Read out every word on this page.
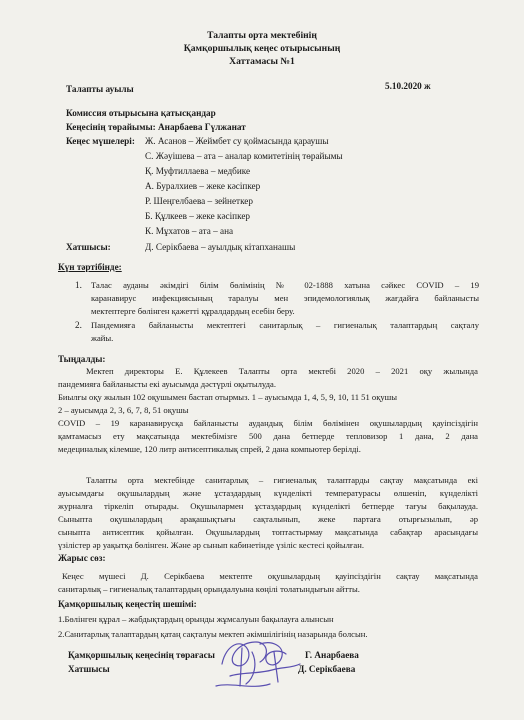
Талапты орта мектебінің
Қамқоршылық кеңес отырысының
Хаттамасы №1
Талапты ауылы	5.10.2020 ж
Комиссия отырысына қатысқандар
Кеңесінің төрайымы: Анарбаева Гүлжанат
Кеңес мүшелері: Ж. Асанов – Жеймбет су қоймасында қараушы
С. Жәуішева – ата – аналар комитетінің төрайымы
Қ. Муфтиллаева – медбике
А. Буралхиев – жеке кәсіпкер
Р. Шеңгелбаева – зейнеткер
Б. Құлкеев – жеке кәсіпкер
К. Мұхатов – ата – ана
Хатшысы:	Д. Серікбаева – ауылдық кітапханашы
Күн тәртібінде:
1. Талас ауданы әкімдігі білім бөлімінің № 02-1888 хатына сәйкес COVID – 19
каранавирус инфекциясының таралуы мен эпидемологиялық жағдайға байланысты
мектептерге бөлінген қажетті құралдардың есебін беру.
2. Пандемияға байланысты мектептегі санитарлық – гигиеналық талаптардың сақталу
жайы.
Тыңдалды:
Мектеп директоры Е. Құлекеев Талапты орта мектебі 2020 – 2021 оқу жылында
пандемияға байланысты екі ауысымда дәстүрлі оқытылуда.
Биылғы оқу жылын 102 оқушымен бастап отырмыз. 1 – ауысымда 1, 4, 5, 9, 10, 11 51 оқушы
2 – ауысымда 2, 3, 6, 7, 8, 51 оқушы
COVID – 19 каранавирусқа байланысты аудандық білім бөлімінен оқушылардың қауіпсіздігін
қамтамасыз ету мақсатында мектебімізге 500 дана бетперде тепловизор 1 дана, 2 дана
медециналық кілемше, 120 литр антисептикалық спрей, 2 дана компьютер берілді.
Талапты орта мектебінде санитарлық – гигиеналық талаптарды сақтау мақсатында екі
ауысымдағы оқушылардың және ұстаздардың күнделікті температурасы өлшеніп, күнделікті
журналға тіркеліп отырады. Оқушылармен ұстаздардың күнделікті бетперде тағуы бақылауда.
Сыныпта оқушылардың арақашықтығы сақталынып, жеке партаға отырғызылып, әр
сыныпта антисептик қойылған. Оқушылардың топтастырмау мақсатында сабақтар арасындағы
үзілістер әр уақытқа бөлінген. Және әр сынып кабинетінде үзіліс кестесі қойылған.
Жарыс сөз:
Кеңес мүшесі Д. Серікбаева мектепте оқушылардың қауіпсіздігін сақтау мақсатында
санитарлық – гигиеналық талаптардың орындалуына көңілі толатындығын айтты.
Қамқоршылық кеңестің шешімі:
1.Бөлінген құрал – жабдықтардың орынды жұмсалуын бақылауға алынсын
2.Санитарлық талаптардың қатаң сақталуы мектеп әкімшілігінің назарында болсын.
Қамқоршылық кеңесінің төрағасы	Г. Анарбаева
Хатшысы	Д. Серікбаева
